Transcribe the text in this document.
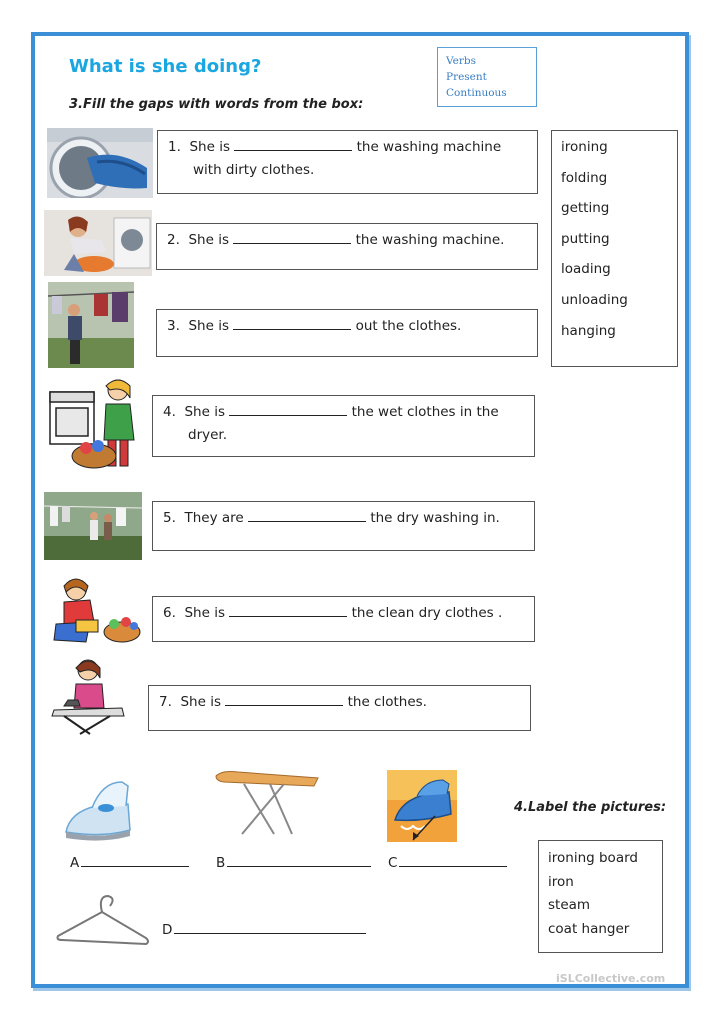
What is she doing?	Verbs
Present
Continuous
3.Fill the gaps with words from the box:
1. She is	the washing machine
with dirty clothes.
2. She is	the washing machine.
3. She is	out the clothes.
4. She is	the wet clothes in the
dryer.
5. They are	the dry washing in.
6. She is	the clean dry clothes .
7. She is	the clothes.
ironing
folding
getting
putting
loading
unloading
hanging
4.Label the pictures:
A	B	C
D
ironing board
iron
steam
coat hanger
iSLCollective.com
